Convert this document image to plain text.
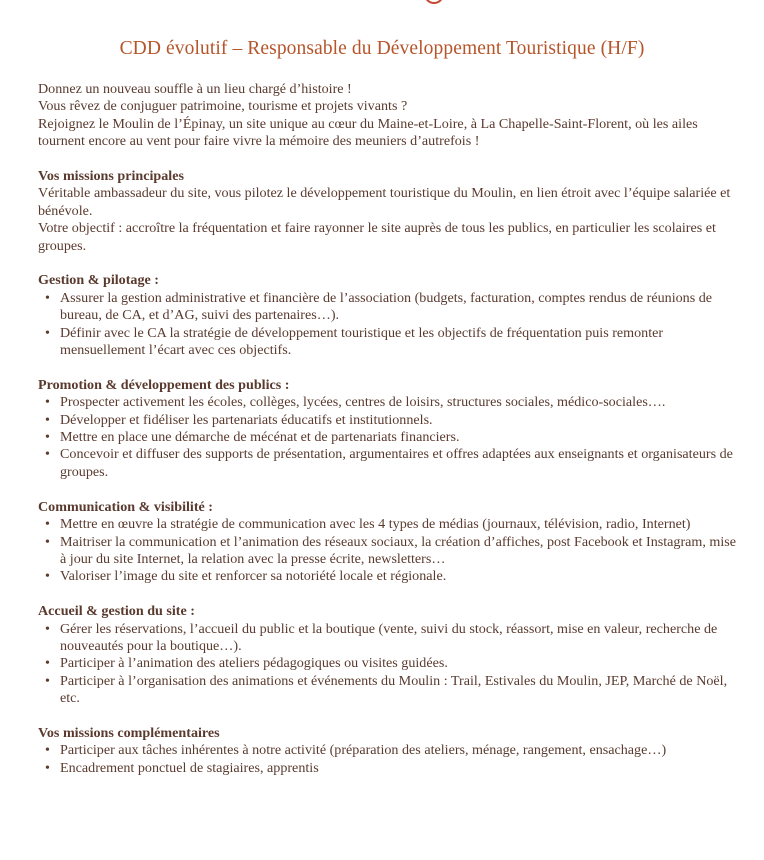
CDD évolutif – Responsable du Développement Touristique (H/F)

Donnez un nouveau souffle à un lieu chargé d’histoire !

Vous rêvez de conjuguer patrimoine, tourisme et projets vivants ?

Rejoignez le Moulin de l’Épinay, un site unique au cœur du Maine-et-Loire, à La Chapelle-Saint-Florent, où les ailes tournent encore au vent pour faire vivre la mémoire des meuniers d’autrefois !

Vos missions principales

Véritable ambassadeur du site, vous pilotez le développement touristique du Moulin, en lien étroit avec l’équipe salariée et bénévole.

Votre objectif : accroître la fréquentation et faire rayonner le site auprès de tous les publics, en particulier les scolaires et groupes.

Gestion & pilotage :

• Assurer la gestion administrative et financière de l’association (budgets, facturation, comptes rendus de réunions de bureau, de CA, et d’AG, suivi des partenaires…).
• Définir avec le CA la stratégie de développement touristique et les objectifs de fréquentation puis remonter mensuellement l’écart avec ces objectifs.

Promotion & développement des publics :

• Prospecter activement les écoles, collèges, lycées, centres de loisirs, structures sociales, médico-sociales….
• Développer et fidéliser les partenariats éducatifs et institutionnels.
• Mettre en place une démarche de mécénat et de partenariats financiers.
• Concevoir et diffuser des supports de présentation, argumentaires et offres adaptées aux enseignants et organisateurs de groupes.

Communication & visibilité :

• Mettre en œuvre la stratégie de communication avec les 4 types de médias (journaux, télévision, radio, Internet)
• Maitriser la communication et l’animation des réseaux sociaux, la création d’affiches, post Facebook et Instagram, mise à jour du site Internet, la relation avec la presse écrite, newsletters…
• Valoriser l’image du site et renforcer sa notoriété locale et régionale.

Accueil & gestion du site :

• Gérer les réservations, l’accueil du public et la boutique (vente, suivi du stock, réassort, mise en valeur, recherche de nouveautés pour la boutique…).
• Participer à l’animation des ateliers pédagogiques ou visites guidées.
• Participer à l’organisation des animations et événements du Moulin : Trail, Estivales du Moulin, JEP, Marché de Noël, etc.

Vos missions complémentaires

• Participer aux tâches inhérentes à notre activité (préparation des ateliers, ménage, rangement, ensachage…)
• Encadrement ponctuel de stagiaires, apprentis
